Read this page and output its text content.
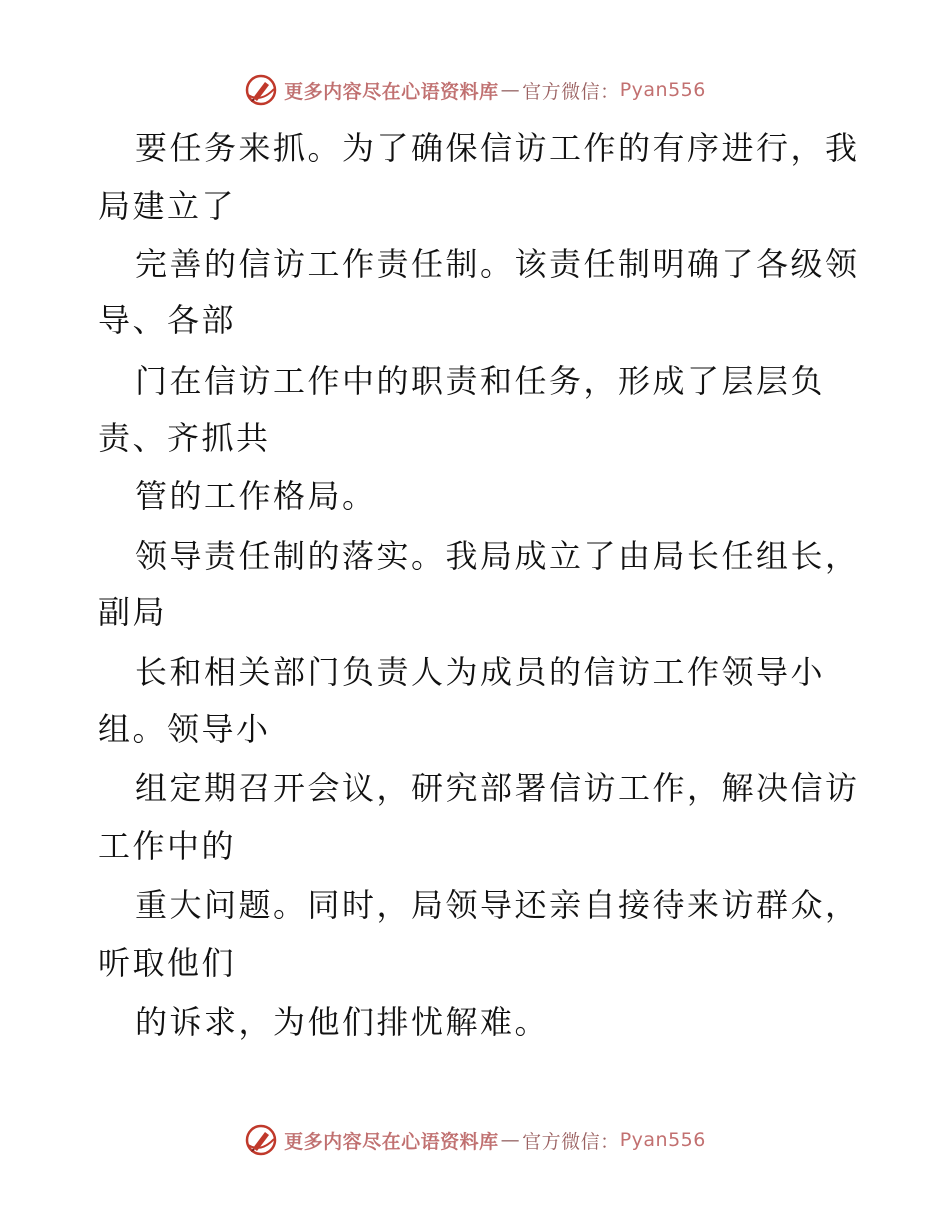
更多内容尽在心语资料库 — 官方微信： Pyan556
要任务来抓。为了确保信访工作的有序进行，我
局建立了
完善的信访工作责任制。该责任制明确了各级领
导、各部
门在信访工作中的职责和任务，形成了层层负
责、齐抓共
管的工作格局。
领导责任制的落实。我局成立了由局长任组长，
副局
长和相关部门负责人为成员的信访工作领导小
组。领导小
组定期召开会议，研究部署信访工作，解决信访
工作中的
重大问题。同时，局领导还亲自接待来访群众，
听取他们
的诉求，为他们排忧解难。
更多内容尽在心语资料库 — 官方微信： Pyan556
